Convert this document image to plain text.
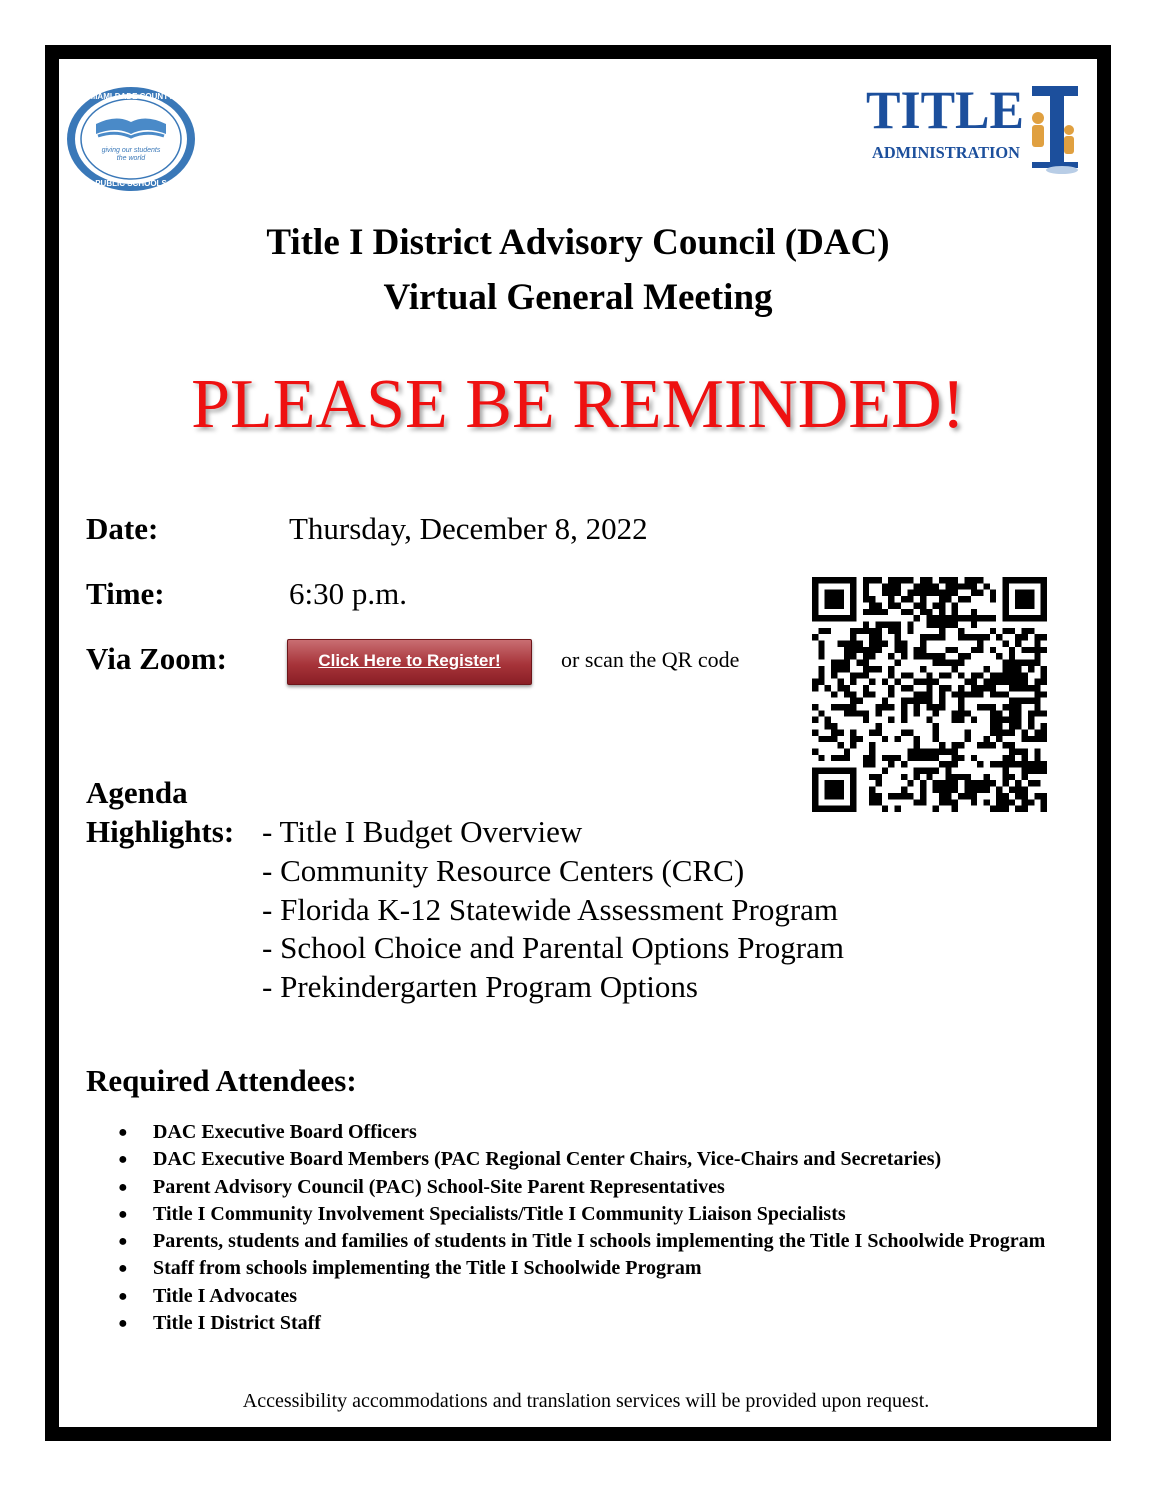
MIAMI-DADE COUNTY
giving our students
the world
PUBLIC SCHOOLS
TITLE
ADMINISTRATION
Title I District Advisory Council (DAC)
Virtual General Meeting
PLEASE BE REMINDED!
Date:	Thursday, December 8, 2022
Time:	6:30 p.m.
Via Zoom:	Click Here to Register!	or scan the QR code
Agenda
Highlights: - Title I Budget Overview
- Community Resource Centers (CRC)
- Florida K-12 Statewide Assessment Program
- School Choice and Parental Options Program
- Prekindergarten Program Options
Required Attendees:
● DAC Executive Board Officers
● DAC Executive Board Members (PAC Regional Center Chairs, Vice-Chairs and Secretaries)
● Parent Advisory Council (PAC) School-Site Parent Representatives
● Title I Community Involvement Specialists/Title I Community Liaison Specialists
● Parents, students and families of students in Title I schools implementing the Title I Schoolwide Program
● Staff from schools implementing the Title I Schoolwide Program
● Title I Advocates
● Title I District Staff
Accessibility accommodations and translation services will be provided upon request.
